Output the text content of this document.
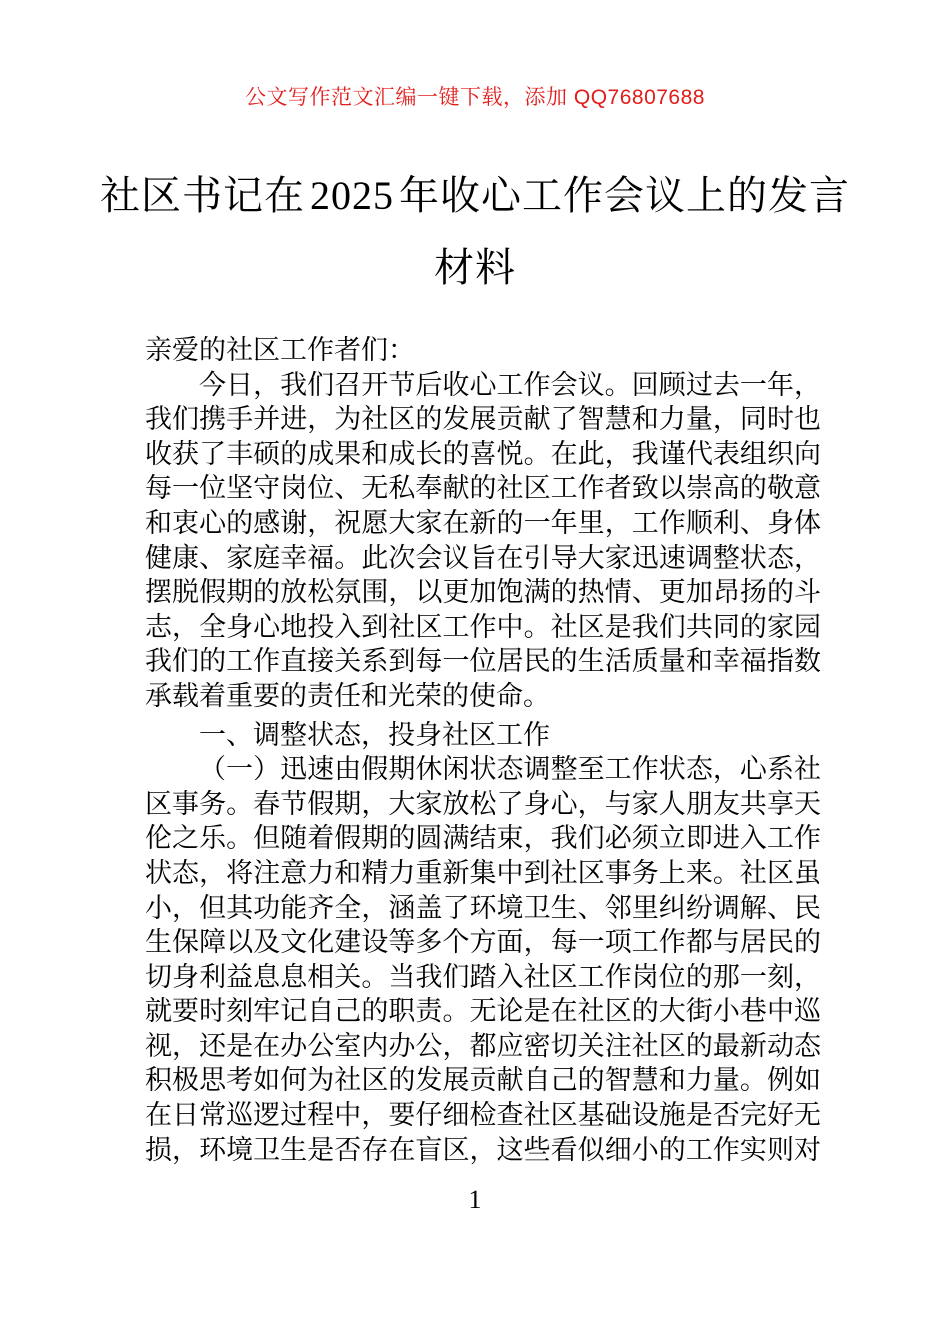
公文写作范文汇编一键下载，添加 QQ76807688
社区书记在 2025 年收心工作会议上的发言
材料
亲爱的社区工作者们：
今日，我们召开节后收心工作会议。回顾过去一年，
我们携手并进，为社区的发展贡献了智慧和力量，同时也
收获了丰硕的成果和成长的喜悦。在此，我谨代表组织向
每一位坚守岗位、无私奉献的社区工作者致以崇高的敬意
和衷心的感谢，祝愿大家在新的一年里，工作顺利、身体
健康、家庭幸福。此次会议旨在引导大家迅速调整状态，
摆脱假期的放松氛围，以更加饱满的热情、更加昂扬的斗
志，全身心地投入到社区工作中。社区是我们共同的家园
我们的工作直接关系到每一位居民的生活质量和幸福指数
承载着重要的责任和光荣的使命。
一、调整状态，投身社区工作
（一）迅速由假期休闲状态调整至工作状态，心系社
区事务。春节假期，大家放松了身心，与家人朋友共享天
伦之乐。但随着假期的圆满结束，我们必须立即进入工作
状态，将注意力和精力重新集中到社区事务上来。社区虽
小，但其功能齐全，涵盖了环境卫生、邻里纠纷调解、民
生保障以及文化建设等多个方面，每一项工作都与居民的
切身利益息息相关。当我们踏入社区工作岗位的那一刻，
就要时刻牢记自己的职责。无论是在社区的大街小巷中巡
视，还是在办公室内办公，都应密切关注社区的最新动态
积极思考如何为社区的发展贡献自己的智慧和力量。例如
在日常巡逻过程中，要仔细检查社区基础设施是否完好无
损，环境卫生是否存在盲区，这些看似细小的工作实则对
1
